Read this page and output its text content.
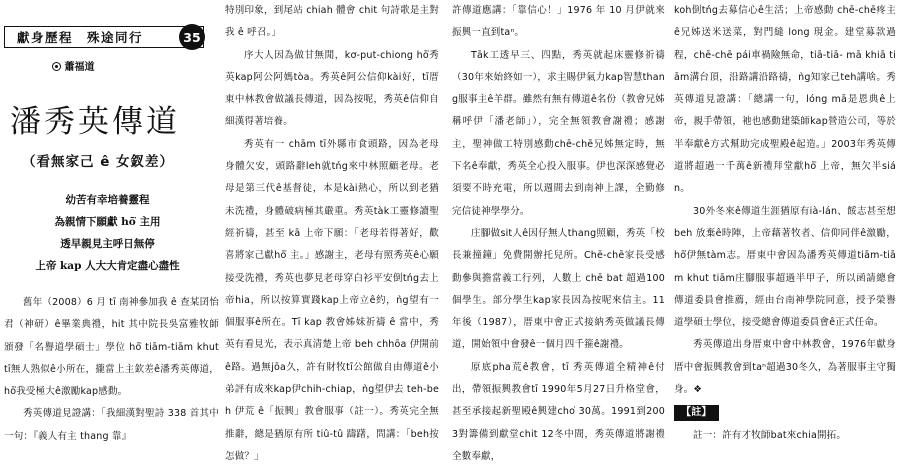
獻身歷程　殊途同行	35
蕭福道
潘秀英傳道
（看無家己 ê 女釵差）
幼苦有幸培養靈程
為親情下願獻 hō͘ 主用
透早親見主呼日無停
上帝 kap 人大大肯定盡心盡性

舊年（2008）6 月 tī 南神參加我 ê 查某囝怡君（神研）ê畢業典禮，hit 其中院長吳富雅牧師頒發「名譽道學碩士」學位 hō͘ tiām-tiām khut tī無人熟似ê小所在，攏當上主欽差ê潘秀英傳道，hō͘我受極大ê激勵kap感動。

秀英傳道見證講：「我細漢對聖詩 338 首其中一句：『義人有主 thang 靠』

特別印象，到尾站 chiah 體會 chit 句詩歌是主對我 ê 呼召。」

序大人因為做甘無閒，kơ-put-chiong hō͘秀英kap阿公阿媽tòa。秀英ê阿公信仰kài好，tī厝東中林教會做議長傳道，因為按呢，秀英ê信仰自細漢得著培養。

秀英有一 chām tī外縣市食頭路，因為老母身體欠安，頭路辭leh就tńg來中林照顧老母。老母是第三代ê基督徒，本是kài熱心，所以到老猶未洗禮，身體破病極其嚴重。秀英tàk工靈修讀聖經祈禱，甚至 kā 上帝下願：「老母若得著好，歡喜將家己獻hō͘ 主。」感謝主，老母有照秀英ê心願接受洗禮，秀英也夢見老母穿白衫平安倒tńg去上帝hia，所以按算實踐kap上帝立ê約，ǹg望有一個服事ê所在。Tī kap 教會姊妹祈禱 ê 當中，秀英有看見光，表示真清楚上帝 beh chhōa 伊開前ê路。過無jōa久，許有財牧tī公館做自由傳道ê小弟評有成來kap伊chih-chiap，ǹg望伊去 teh-beh 伊荒 ê「振興」教會服事（註一）。秀英完全無推辭，總是猶原有所 tiû-tû 躊躇，問講：「beh按怎做？」

許傳道應講：「靠信心！」1976 年 10 月伊就來振興一直到taⁿ。

Tāk工透早三、四點，秀英就起床靈修祈禱（30年來始終如一），求主賜伊氣力kap智慧thang服事主ê羊群。雖然有無有傳道ê名份（教會兄姊稱呼伊「潘老師」），完全無領教會謝禮；感謝主，聖神做工特別感動chē-chē兄姊無定時，無下名ê奉獻，秀英全心投入服事。伊也深深感覺必須要不時充電，所以週間去到南神上課，全勤修完信徒神學學分。

庄腳做sit人ê因仔無人thang照顧，秀英「校長兼撞鐘」免費開辦托兒所。Chē-chē家長受感動參與擔當義工行列，人數上 chē bat 超過100個學生。部分學生kap家長因為按呢來信主。11 年後（1987），厝東中會正式接納秀英做議長傳道，開始領中會發ê一個月四千箍ê謝禮。

原底pha荒ê教會，tī 秀英傳道全精神ê付出，帶領振興教會tī 1990年5月27日升格堂會，甚至承接起新聖殿ê興建cho͘ 30萬。1991到2003對籌備到獻堂chit 12冬中間，秀英傳道將謝禮全數奉獻，

koh倒tńg去募信心ê生活；上帝感動 chē-chē疼主ê兄姊送米送菜，對門縫 long 現金。建堂募款過程，chē-chē pái車禍險無命，tiā-tiā- mā khiā tiām溝台頂，沿路講沿路禱，ǹg知家己teh講啥。秀英傳道見證講：「總講一句，lóng mā是恩典ê上帝，親手帶領，祂也感動建築師kap營造公司，等於半奉獻ê方式幫助完成聖殿ê起造。」2003年秀英傳道將超過一千萬ê新禮拜堂獻hō͘ 上帝，無欠半sián。

30外冬來ê傳道生涯猶原有ià-lán、餒志甚至想 beh 放棄ê時陣，上帝藉著牧者、信仰同伴ê激勵，hō͘伊無tàm志。厝東中會因為潘秀英傳道tiām-tiām khut tiām庄腳服事超過半甲子，所以函請總會傳道委員會推薦，經由台南神學院同意，授予榮譽道學碩士學位，接受總會傳道委員會ê正式任命。

秀英傳道出身厝東中會中林教會，1976年獻身厝中會振興教會到taⁿ超過30冬久，為著服事主守獨身。❖

【註】

註一：許有才牧師bat來chia開拓。
